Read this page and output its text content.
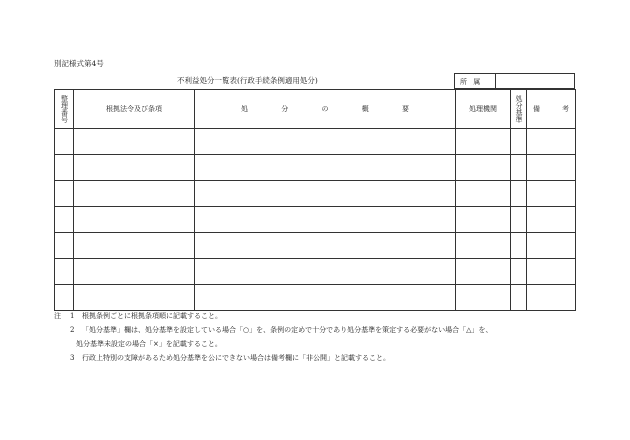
別記様式第4号
不利益処分一覧表(行政手続条例適用処分)	所 属
整理番号	根拠法令及び条項	処 分 の 概 要	処理機関	処分基準	備 考

注	1 根拠条例ごとに根拠条項順に記載すること。
2 「処分基準」欄は、処分基準を設定している場合「○」を、条例の定めで十分であり処分基準を策定する必要がない場合「△」を、
処分基準未設定の場合「×」を記載すること。
3 行政上特別の支障があるため処分基準を公にできない場合は備考欄に「非公開」と記載すること。
